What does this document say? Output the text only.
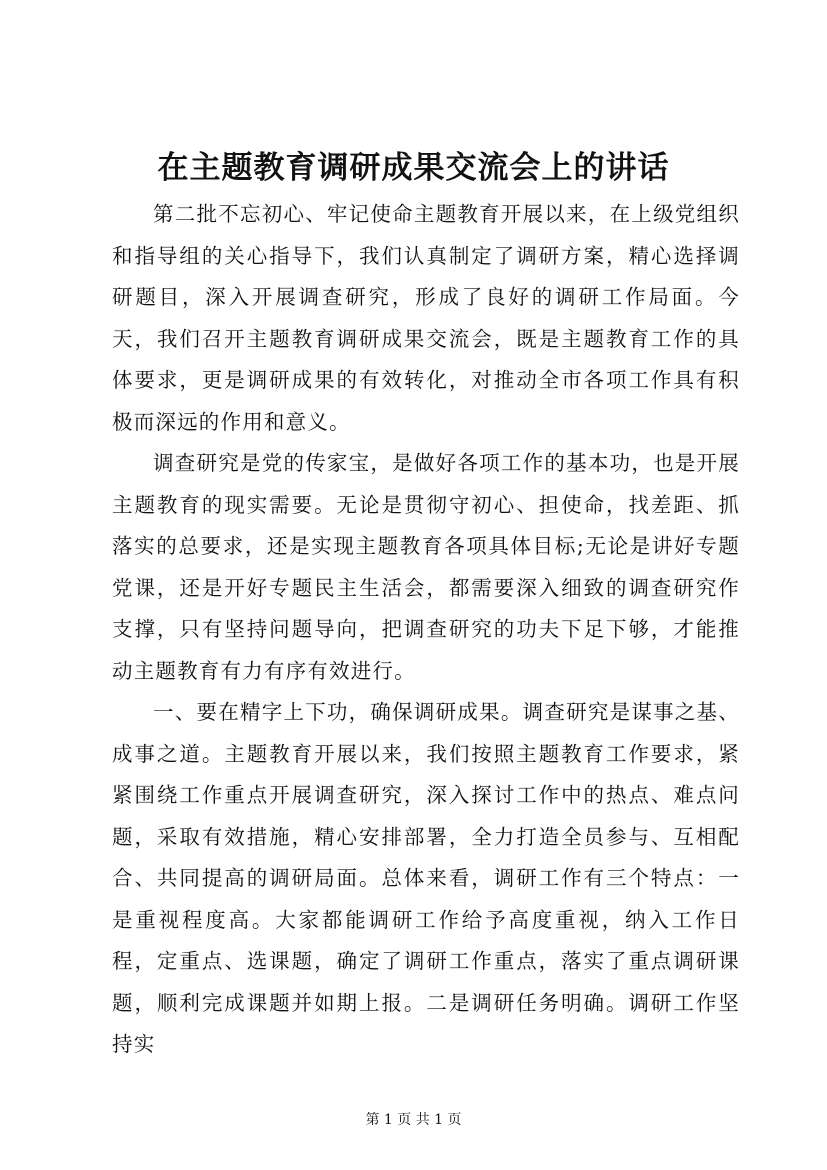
在主题教育调研成果交流会上的讲话

第二批不忘初心、牢记使命主题教育开展以来，在上级党组织和指导组的关心指导下，我们认真制定了调研方案，精心选择调研题目，深入开展调查研究，形成了良好的调研工作局面。今天，我们召开主题教育调研成果交流会，既是主题教育工作的具体要求，更是调研成果的有效转化，对推动全市各项工作具有积极而深远的作用和意义。

调查研究是党的传家宝，是做好各项工作的基本功，也是开展主题教育的现实需要。无论是贯彻守初心、担使命，找差距、抓落实的总要求，还是实现主题教育各项具体目标;无论是讲好专题党课，还是开好专题民主生活会，都需要深入细致的调查研究作支撑，只有坚持问题导向，把调查研究的功夫下足下够，才能推动主题教育有力有序有效进行。

一、要在精字上下功，确保调研成果。调查研究是谋事之基、成事之道。主题教育开展以来，我们按照主题教育工作要求，紧紧围绕工作重点开展调查研究，深入探讨工作中的热点、难点问题，采取有效措施，精心安排部署，全力打造全员参与、互相配合、共同提高的调研局面。总体来看，调研工作有三个特点：一是重视程度高。大家都能调研工作给予高度重视，纳入工作日程，定重点、选课题，确定了调研工作重点，落实了重点调研课题，顺利完成课题并如期上报。二是调研任务明确。调研工作坚持实

第 1 页 共 1 页
